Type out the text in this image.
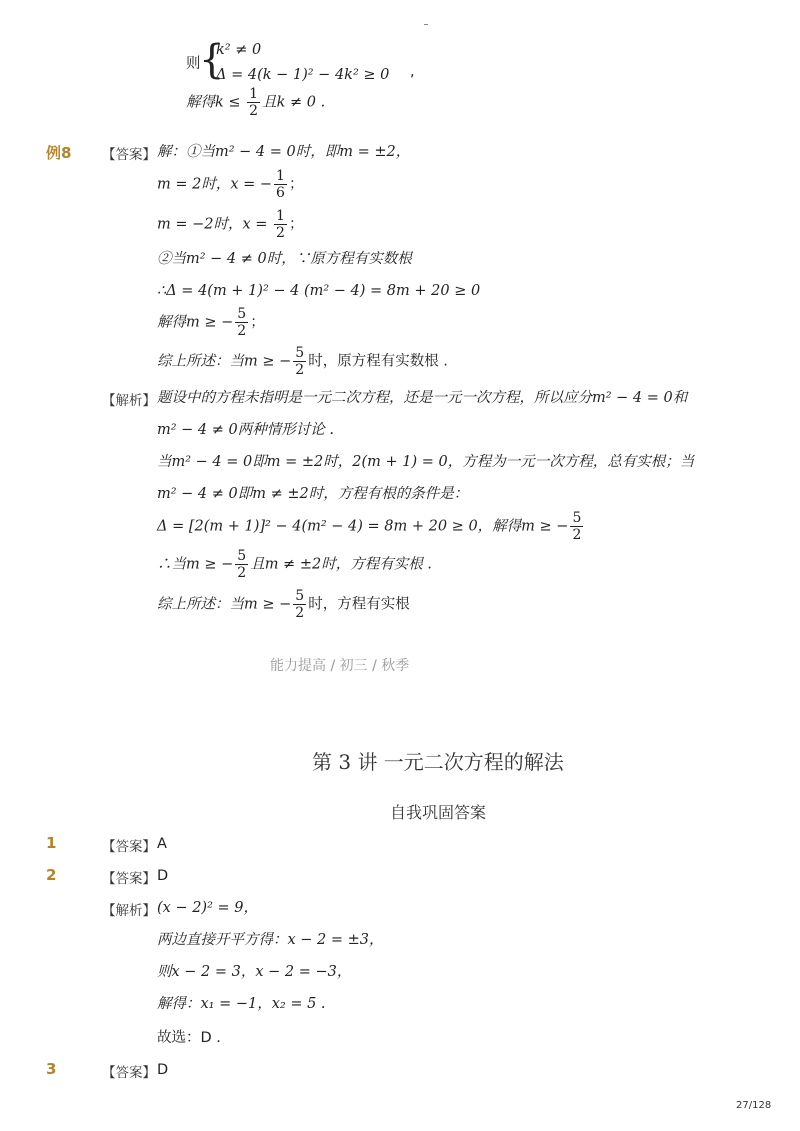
则
{
k² ≠ 0
Δ = 4(k − 1)² − 4k² ≥ 0 ,
解得$k \le \frac{1}{2}$ 且k ≠ 0 .
例8 【答案】 解：①当m² − 4 = 0时，即m = ±2，
m = 2时，x = − $\frac{1}{6}$ ；
m = −2时，$x = \frac{1}{2}$ ；
②当m² − 4 ≠ 0时，∵原方程有实数根
∴Δ = 4(m + 1)² − 4 (m² − 4) = 8m + 20 ≥ 0
解得m ≥ − $\frac{5}{2}$ ；
综上所述：当m ≥ − $\frac{5}{2}$ 时，原方程有实数根 .
【解析】 题设中的方程未指明是一元二次方程，还是一元一次方程，所以应分m² − 4 = 0和
m² − 4 ≠ 0两种情形讨论 .
当m² − 4 = 0即m = ±2时，2(m + 1) = 0，方程为一元一次方程，总有实根；当
m² − 4 ≠ 0即m ≠ ±2时，方程有根的条件是：
Δ = [2(m + 1)]² − 4(m² − 4) = 8m + 20 ≥ 0，解得m ≥ − $\frac{5}{2}$
∴当m ≥ − $\frac{5}{2}$ 且m ≠ ±2时，方程有实根 .
综上所述：当m ≥ − $\frac{5}{2}$ 时，方程有实根
能力提高 / 初三 / 秋季
第 3 讲 一元二次方程的解法
自我巩固答案
1	【答案】 A
2	【答案】 D
【解析】 (x − 2)² = 9，
两边直接开平方得：x − 2 = ±3，
则x − 2 = 3，x − 2 = −3，
解得：x₁ = −1，x₂ = 5 .
故选：D .
3	【答案】 D
27/128
